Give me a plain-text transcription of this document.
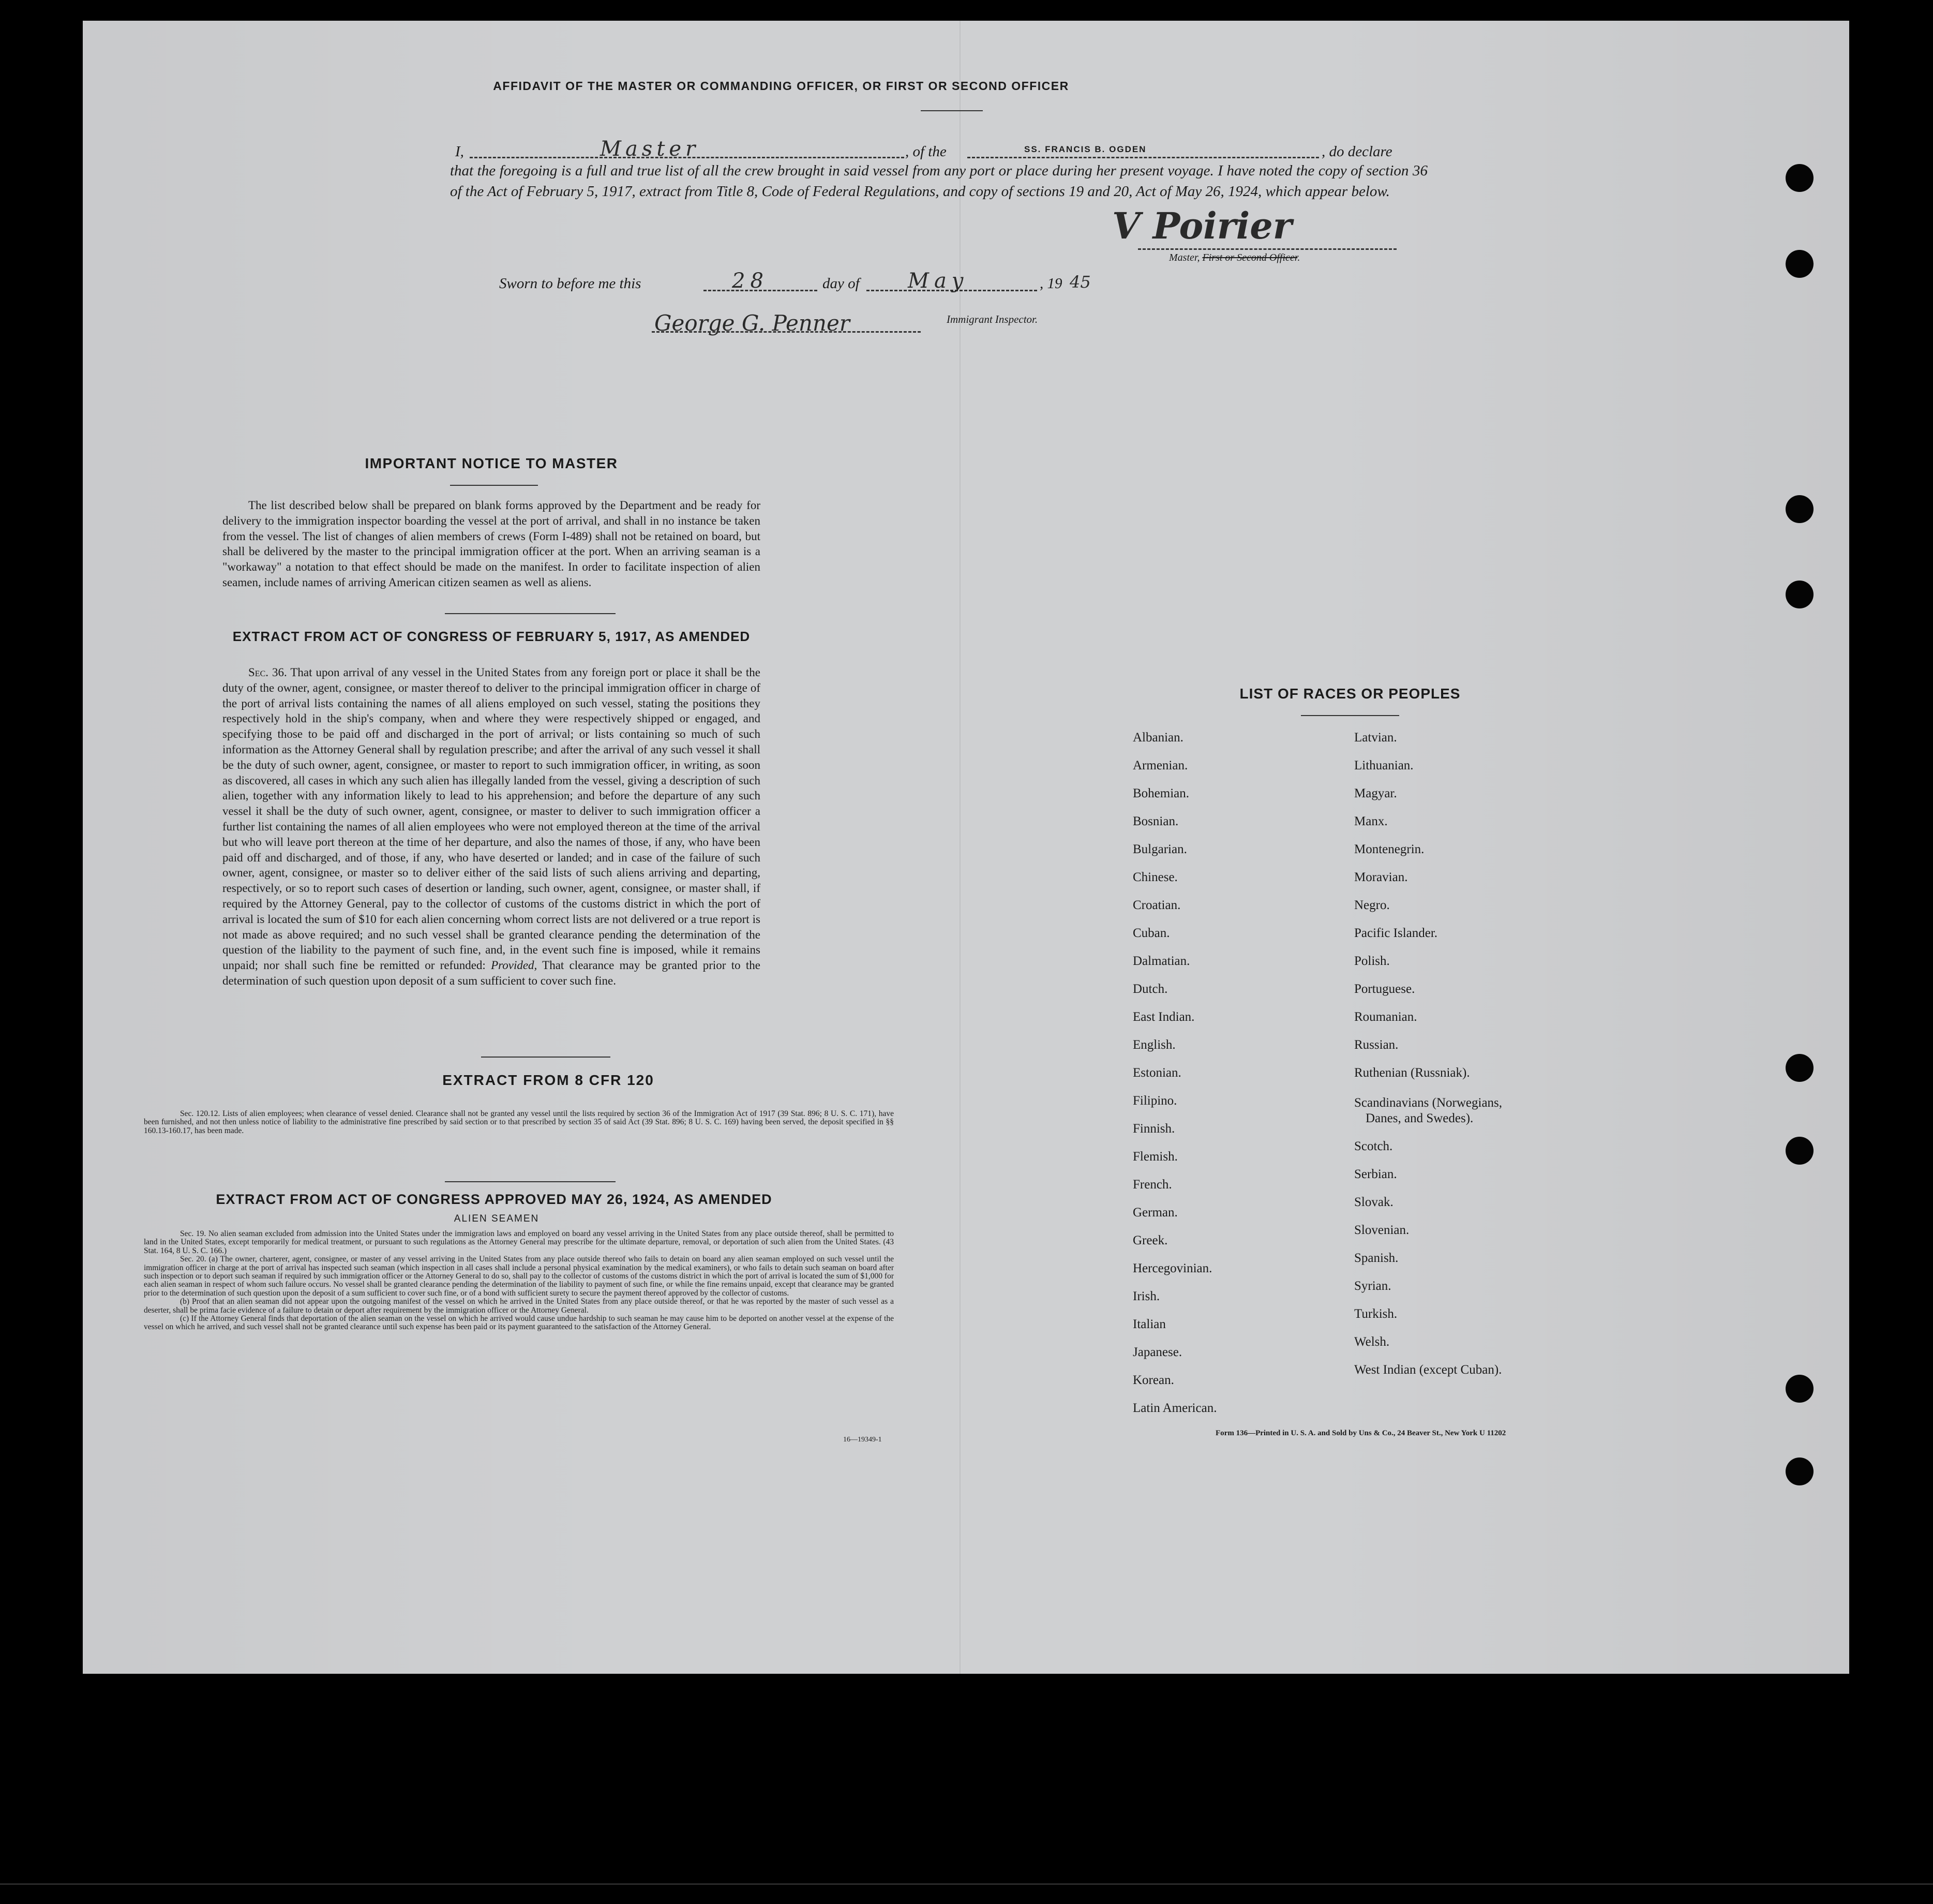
AFFIDAVIT OF THE MASTER OR COMMANDING OFFICER, OR FIRST OR SECOND OFFICER
I,	Master	, of the	SS. FRANCIS B. OGDEN	, do declare

that the foregoing is a full and true list of all the crew brought in said vessel from any port or place during her present voyage. I have noted the copy of section 36 of the Act of February 5, 1917, extract from Title 8, Code of Federal Regulations, and copy of sections 19 and 20, Act of May 26, 1924, which appear below.

V Poirier
Master, First or Second Officer.
Sworn to before me this	28	day of May	, 19 45
George G. Penner	Immigrant Inspector.
IMPORTANT NOTICE TO MASTER

The list described below shall be prepared on blank forms approved by the Department and be ready for delivery to the immigration inspector boarding the vessel at the port of arrival, and shall in no instance be taken from the vessel. The list of changes of alien members of crews (Form I-489) shall not be retained on board, but shall be delivered by the master to the principal immigration officer at the port. When an arriving seaman is a "workaway" a notation to that effect should be made on the manifest. In order to facilitate inspection of alien seamen, include names of arriving American citizen seamen as well as aliens.

EXTRACT FROM ACT OF CONGRESS OF FEBRUARY 5, 1917, AS AMENDED

Sec. 36. That upon arrival of any vessel in the United States from any foreign port or place it shall be the duty of the owner, agent, consignee, or master thereof to deliver to the principal immigration officer in charge of the port of arrival lists containing the names of all aliens employed on such vessel, stating the positions they respectively hold in the ship's company, when and where they were respectively shipped or engaged, and specifying those to be paid off and discharged in the port of arrival; or lists containing so much of such information as the Attorney General shall by regulation prescribe; and after the arrival of any such vessel it shall be the duty of such owner, agent, consignee, or master to report to such immigration officer, in writing, as soon as discovered, all cases in which any such alien has illegally landed from the vessel, giving a description of such alien, together with any information likely to lead to his apprehension; and before the departure of any such vessel it shall be the duty of such owner, agent, consignee, or master to deliver to such immigration officer a further list containing the names of all alien employees who were not employed thereon at the time of the arrival but who will leave port thereon at the time of her departure, and also the names of those, if any, who have been paid off and discharged, and of those, if any, who have deserted or landed; and in case of the failure of such owner, agent, consignee, or master so to deliver either of the said lists of such aliens arriving and departing, respectively, or so to report such cases of desertion or landing, such owner, agent, consignee, or master shall, if required by the Attorney General, pay to the collector of customs of the customs district in which the port of arrival is located the sum of $10 for each alien concerning whom correct lists are not delivered or a true report is not made as above required; and no such vessel shall be granted clearance pending the determination of the question of the liability to the payment of such fine, and, in the event such fine is imposed, while it remains unpaid; nor shall such fine be remitted or refunded: Provided, That clearance may be granted prior to the determination of such question upon deposit of a sum sufficient to cover such fine.

EXTRACT FROM 8 CFR 120

Sec. 120.12. Lists of alien employees; when clearance of vessel denied. Clearance shall not be granted any vessel until the lists required by section 36 of the Immigration Act of 1917 (39 Stat. 896; 8 U. S. C. 171), have been furnished, and not then unless notice of liability to the administrative fine prescribed by said section or to that prescribed by section 35 of said Act (39 Stat. 896; 8 U. S. C. 169) having been served, the deposit specified in §§ 160.13-160.17, has been made.

EXTRACT FROM ACT OF CONGRESS APPROVED MAY 26, 1924, AS AMENDED
ALIEN SEAMEN

Sec. 19. No alien seaman excluded from admission into the United States under the immigration laws and employed on board any vessel arriving in the United States from any place outside thereof, shall be permitted to land in the United States, except temporarily for medical treatment, or pursuant to such regulations as the Attorney General may prescribe for the ultimate departure, removal, or deportation of such alien from the United States. (43 Stat. 164, 8 U. S. C. 166.)

Sec. 20. (a) The owner, charterer, agent, consignee, or master of any vessel arriving in the United States from any place outside thereof who fails to detain on board any alien seaman employed on such vessel until the immigration officer in charge at the port of arrival has inspected such seaman (which inspection in all cases shall include a personal physical examination by the medical examiners), or who fails to detain such seaman on board after such inspection or to deport such seaman if required by such immigration officer or the Attorney General to do so, shall pay to the collector of customs of the customs district in which the port of arrival is located the sum of $1,000 for each alien seaman in respect of whom such failure occurs. No vessel shall be granted clearance pending the determination of the liability to payment of such fine, or while the fine remains unpaid, except that clearance may be granted prior to the determination of such question upon the deposit of a sum sufficient to cover such fine, or of a bond with sufficient surety to secure the payment thereof approved by the collector of customs.

(b) Proof that an alien seaman did not appear upon the outgoing manifest of the vessel on which he arrived in the United States from any place outside thereof, or that he was reported by the master of such vessel as a deserter, shall be prima facie evidence of a failure to detain or deport after requirement by the immigration officer or the Attorney General.

(c) If the Attorney General finds that deportation of the alien seaman on the vessel on which he arrived would cause undue hardship to such seaman he may cause him to be deported on another vessel at the expense of the vessel on which he arrived, and such vessel shall not be granted clearance until such expense has been paid or its payment guaranteed to the satisfaction of the Attorney General.

16—19349-1
LIST OF RACES OR PEOPLES
Albanian.
Armenian.
Bohemian.
Bosnian.
Bulgarian.
Chinese.
Croatian.
Cuban.
Dalmatian.
Dutch.
East Indian.
English.
Estonian.
Filipino.
Finnish.
Flemish.
French.
German.
Greek.
Hercegovinian.
Irish.
Italian
Japanese.
Korean.
Latin American.
Latvian.
Lithuanian.
Magyar.
Manx.
Montenegrin.
Moravian.
Negro.
Pacific Islander.
Polish.
Portuguese.
Roumanian.
Russian.
Ruthenian (Russniak).
Scandinavians (Norwegians,
Danes, and Swedes).
Scotch.
Serbian.
Slovak.
Slovenian.
Spanish.
Syrian.
Turkish.
Welsh.
West Indian (except Cuban).
Form 136—Printed in U. S. A. and Sold by Uns & Co., 24 Beaver St., New York U 11202
